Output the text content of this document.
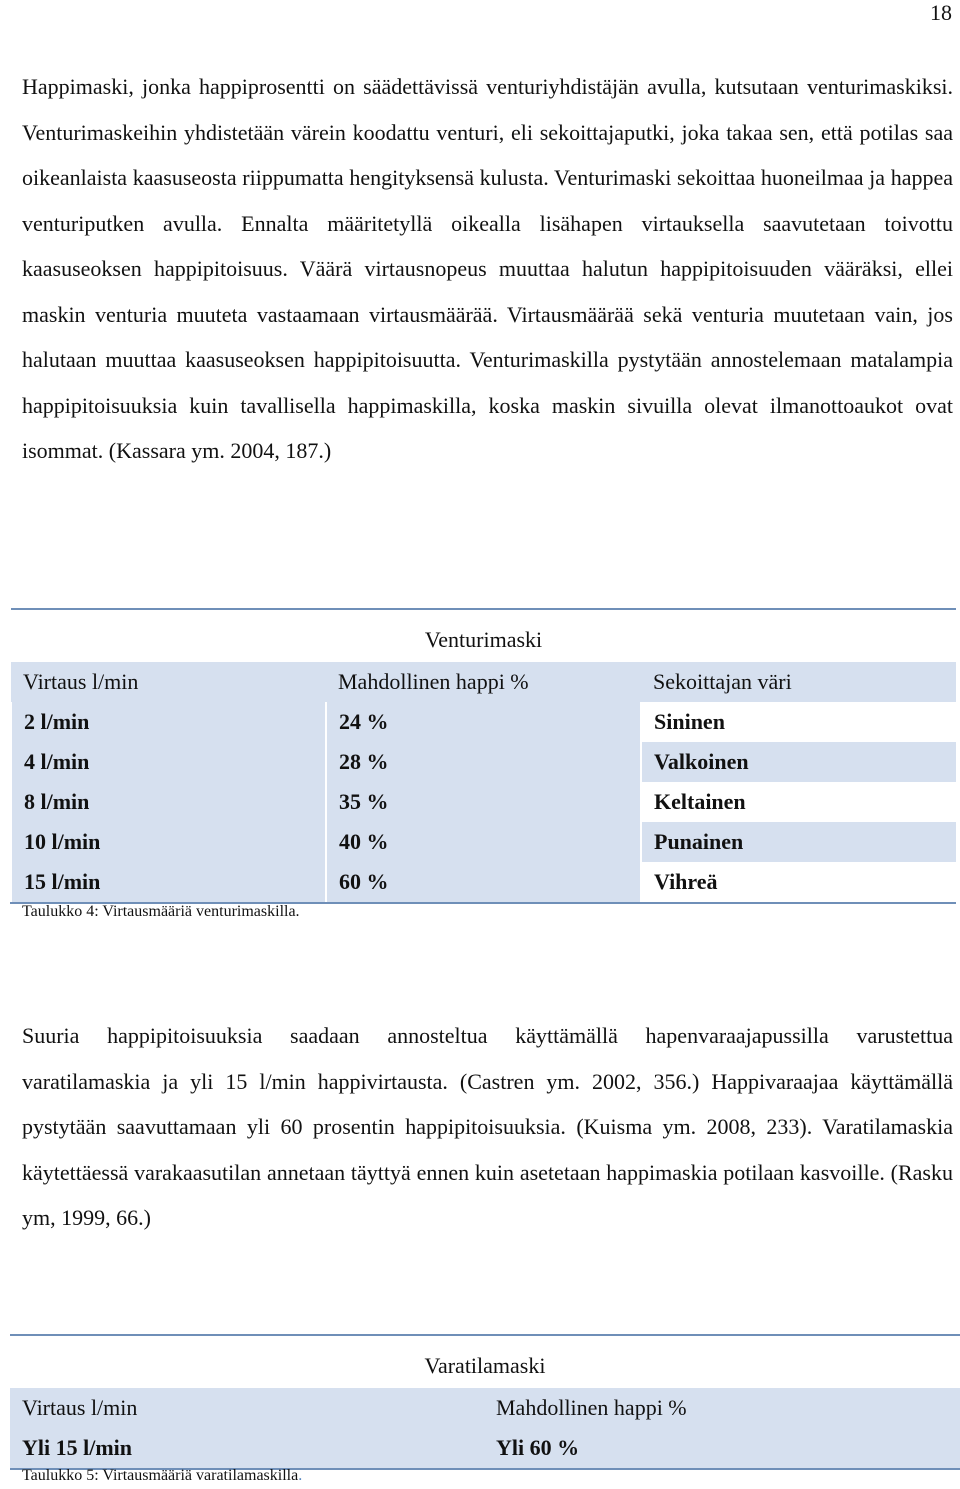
18

Happimaski, jonka happiprosentti on säädettävissä venturiyhdistäjän avulla, kutsutaan venturimaskiksi. Venturimaskeihin yhdistetään värein koodattu venturi, eli sekoittajaputki, joka takaa sen, että potilas saa oikeanlaista kaasuseosta riippumatta hengityksensä kulusta. Venturimaski sekoittaa huoneilmaa ja happea venturiputken avulla. Ennalta määritetyllä oikealla lisähapen virtauksella saavutetaan toivottu kaasuseoksen happipitoisuus. Väärä virtausnopeus muuttaa halutun happipitoisuuden vääräksi, ellei maskin venturia muuteta vastaamaan virtausmäärää. Virtausmäärää sekä venturia muutetaan vain, jos halutaan muuttaa kaasuseoksen happipitoisuutta. Venturimaskilla pystytään annostelemaan matalampia happipitoisuuksia kuin tavallisella happimaskilla, koska maskin sivuilla olevat ilmanottoaukot ovat isommat. (Kassara ym. 2004, 187.)

Venturimaski		
Virtaus l/min	Mahdollinen happi %	Sekoittajan väri
2 l/min	24 %	Sininen
4 l/min	28 %	Valkoinen
8 l/min	35 %	Keltainen
10 l/min	40 %	Punainen
15 l/min	60 %	Vihreä
Taulukko 4: Virtausmääriä venturimaskilla.

Suuria happipitoisuuksia saadaan annosteltua käyttämällä hapenvaraajapussilla varustettua varatilamaskia ja yli 15 l/min happivirtausta. (Castren ym. 2002, 356.) Happivaraajaa käyttämällä pystytään saavuttamaan yli 60 prosentin happipitoisuuksia. (Kuisma ym. 2008, 233). Varatilamaskia käytettäessä varakaasutilan annetaan täyttyä ennen kuin asetetaan happimaskia potilaan kasvoille. (Rasku ym, 1999, 66.)

Varatilamaski	
Virtaus l/min	Mahdollinen happi %
Yli 15 l/min	Yli 60 %
Taulukko 5: Virtausmääriä varatilamaskilla.
